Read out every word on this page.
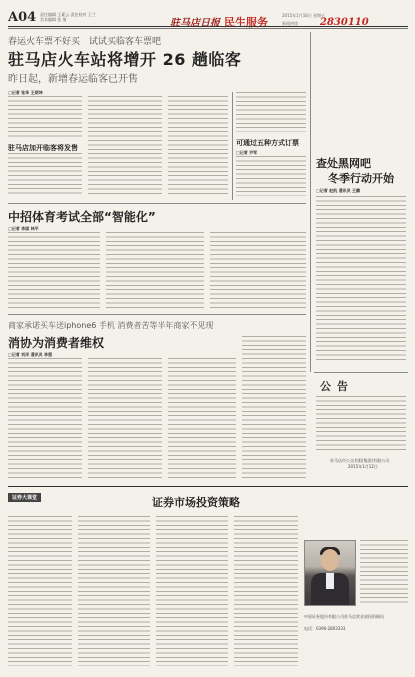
A04 责任编辑 王素云 责任校对 王兰
美术编辑 张 倩	驻马店日报 民生服务
2015年1月16日 星期五
新闻热线 2830110
春运火车票不好买　试试买临客车票吧
驻马店火车站将增开 26 趟临客
昨日起，新增春运临客已开售
□记者 张华 王炳坤
驻马店加开临客将发售
可通过五种方式订票
□记者 尹军
查处黑网吧
冬季行动开始
□记者 赵凯 通讯员 王鹏
中招体育考试全部“智能化”
□记者 李国 林平
商家承诺买车送iphone6 手机 消费者苦等半年商家不见现
消协为消费者维权
□记者 刘洋 通讯员 李强
公告
驻马店市公交有限(集团)有限公司
2015年1月12日
证券大课堂	证券市场投资策略
中原证券股份有限公司驻马店营业部投资顾问
电话：0396-2803333
